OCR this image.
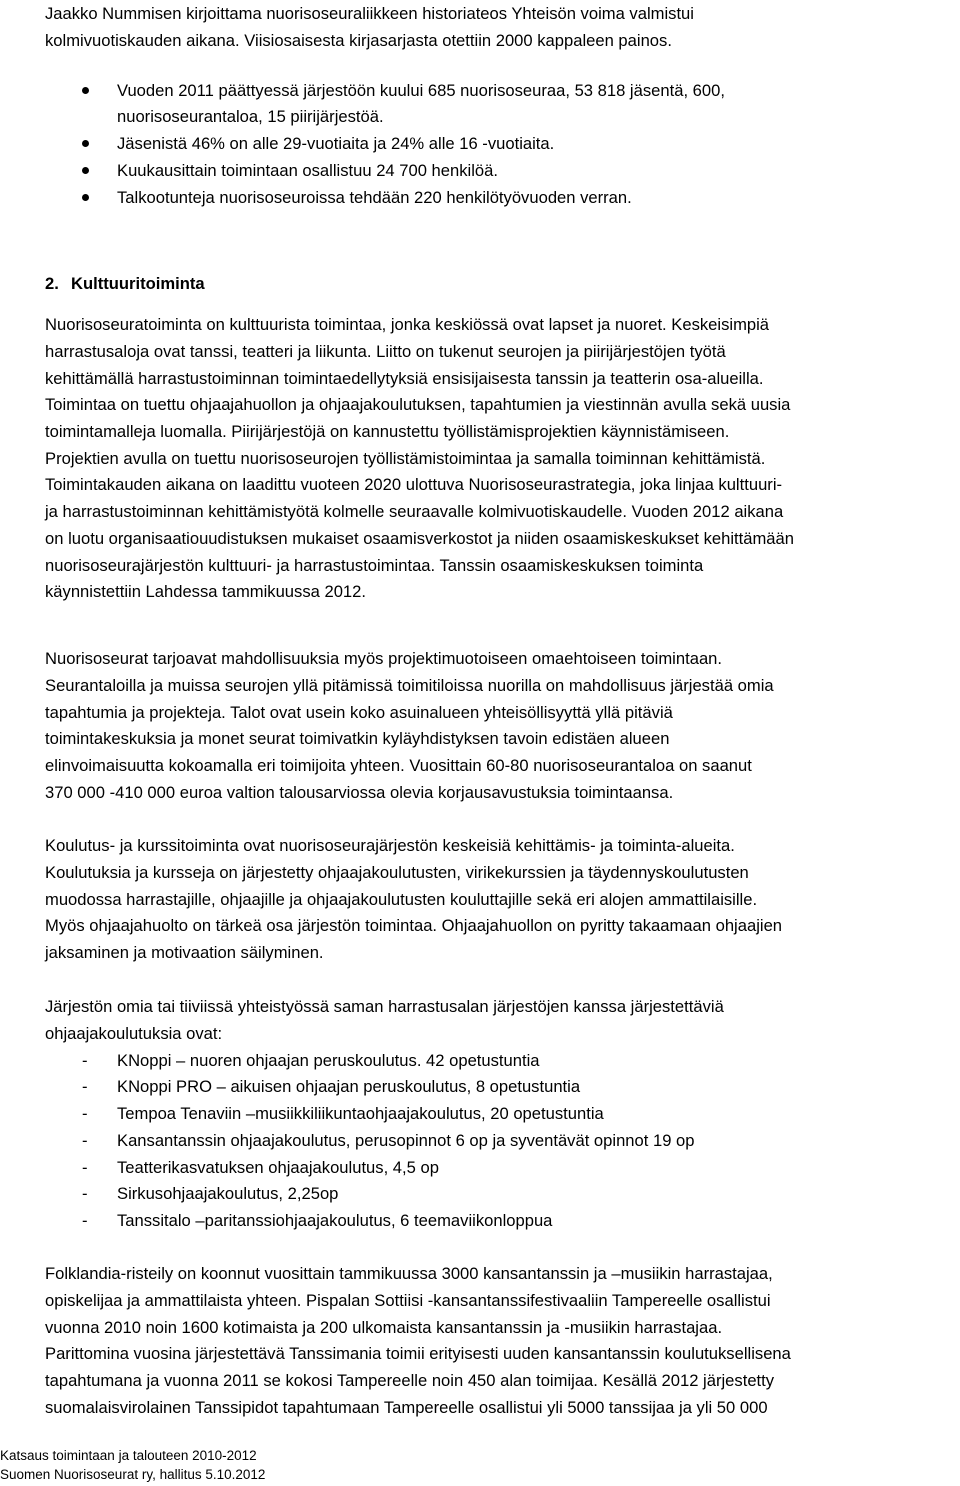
Jaakko Nummisen kirjoittama nuorisoseuraliikkeen historiateos Yhteisön voima valmistui
kolmivuotiskauden aikana. Viisiosaisesta kirjasarjasta otettiin 2000 kappaleen painos.
Vuoden 2011 päättyessä järjestöön kuului 685 nuorisoseuraa, 53 818 jäsentä, 600,
nuorisoseurantaloa, 15 piirijärjestöä.
Jäsenistä 46% on alle 29-vuotiaita ja 24% alle 16 -vuotiaita.
Kuukausittain toimintaan osallistuu 24 700 henkilöä.
Talkootunteja nuorisoseuroissa tehdään 220 henkilötyövuoden verran.
2. Kulttuuritoiminta
Nuorisoseuratoiminta on kulttuurista toimintaa, jonka keskiössä ovat lapset ja nuoret. Keskeisimpiä
harrastusaloja ovat tanssi, teatteri ja liikunta. Liitto on tukenut seurojen ja piirijärjestöjen työtä
kehittämällä harrastustoiminnan toimintaedellytyksiä ensisijaisesta tanssin ja teatterin osa-alueilla.
Toimintaa on tuettu ohjaajahuollon ja ohjaajakoulutuksen, tapahtumien ja viestinnän avulla sekä uusia
toimintamalleja luomalla. Piirijärjestöjä on kannustettu työllistämisprojektien käynnistämiseen.
Projektien avulla on tuettu nuorisoseurojen työllistämistoimintaa ja samalla toiminnan kehittämistä.
Toimintakauden aikana on laadittu vuoteen 2020 ulottuva Nuorisoseurastrategia, joka linjaa kulttuuri-
ja harrastustoiminnan kehittämistyötä kolmelle seuraavalle kolmivuotiskaudelle. Vuoden 2012 aikana
on luotu organisaatiouudistuksen mukaiset osaamisverkostot ja niiden osaamiskeskukset kehittämään
nuorisoseurajärjestön kulttuuri- ja harrastustoimintaa. Tanssin osaamiskeskuksen toiminta
käynnistettiin Lahdessa tammikuussa 2012.
Nuorisoseurat tarjoavat mahdollisuuksia myös projektimuotoiseen omaehtoiseen toimintaan.
Seurantaloilla ja muissa seurojen yllä pitämissä toimitiloissa nuorilla on mahdollisuus järjestää omia
tapahtumia ja projekteja. Talot ovat usein koko asuinalueen yhteisöllisyyttä yllä pitäviä
toimintakeskuksia ja monet seurat toimivatkin kyläyhdistyksen tavoin edistäen alueen
elinvoimaisuutta kokoamalla eri toimijoita yhteen. Vuosittain 60-80 nuorisoseurantaloa on saanut
370 000 -410 000 euroa valtion talousarviossa olevia korjausavustuksia toimintaansa.
Koulutus- ja kurssitoiminta ovat nuorisoseurajärjestön keskeisiä kehittämis- ja toiminta-alueita.
Koulutuksia ja kursseja on järjestetty ohjaajakoulutusten, virikekurssien ja täydennyskoulutusten
muodossa harrastajille, ohjaajille ja ohjaajakoulutusten kouluttajille sekä eri alojen ammattilaisille.
Myös ohjaajahuolto on tärkeä osa järjestön toimintaa. Ohjaajahuollon on pyritty takaamaan ohjaajien
jaksaminen ja motivaation säilyminen.
Järjestön omia tai tiiviissä yhteistyössä saman harrastusalan järjestöjen kanssa järjestettäviä
ohjaajakoulutuksia ovat:
- KNoppi – nuoren ohjaajan peruskoulutus. 42 opetustuntia
- KNoppi PRO – aikuisen ohjaajan peruskoulutus, 8 opetustuntia
- Tempoa Tenaviin –musiikkiliikuntaohjaajakoulutus, 20 opetustuntia
- Kansantanssin ohjaajakoulutus, perusopinnot 6 op ja syventävät opinnot 19 op
- Teatterikasvatuksen ohjaajakoulutus, 4,5 op
- Sirkusohjaajakoulutus, 2,25op
- Tanssitalo –paritanssiohjaajakoulutus, 6 teemaviikonloppua
Folklandia-risteily on koonnut vuosittain tammikuussa 3000 kansantanssin ja –musiikin harrastajaa,
opiskelijaa ja ammattilaista yhteen. Pispalan Sottiisi -kansantanssifestivaaliin Tampereelle osallistui
vuonna 2010 noin 1600 kotimaista ja 200 ulkomaista kansantanssin ja -musiikin harrastajaa.
Parittomina vuosina järjestettävä Tanssimania toimii erityisesti uuden kansantanssin koulutuksellisena
tapahtumana ja vuonna 2011 se kokosi Tampereelle noin 450 alan toimijaa. Kesällä 2012 järjestetty
suomalaisvirolainen Tanssipidot tapahtumaan Tampereelle osallistui yli 5000 tanssijaa ja yli 50 000
Katsaus toimintaan ja talouteen 2010-2012
Suomen Nuorisoseurat ry, hallitus 5.10.2012
